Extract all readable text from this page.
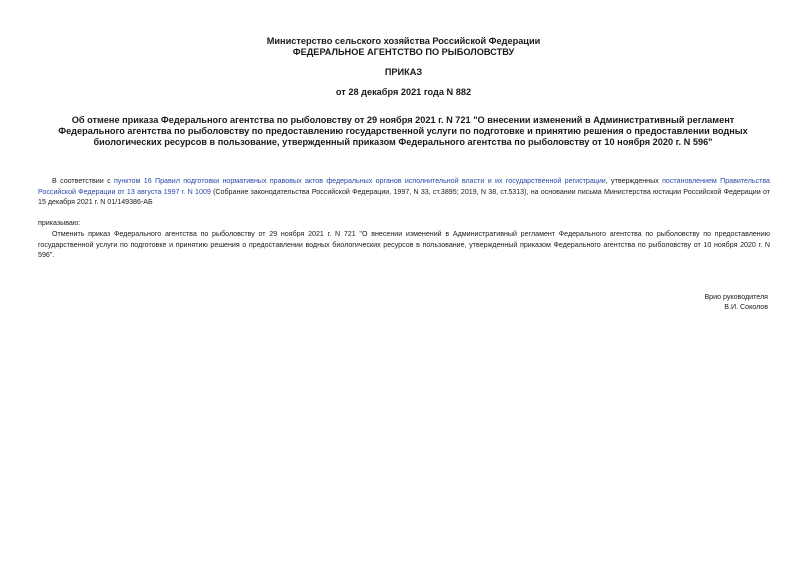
Министерство сельского хозяйства Российской Федерации
ФЕДЕРАЛЬНОЕ АГЕНТСТВО ПО РЫБОЛОВСТВУ
ПРИКАЗ
от 28 декабря 2021 года N 882
Об отмене приказа Федерального агентства по рыболовству от 29 ноября 2021 г. N 721 "О внесении изменений в Административный регламент Федерального агентства по рыболовству по предоставлению государственной услуги по подготовке и принятию решения о предоставлении водных биологических ресурсов в пользование, утвержденный приказом Федерального агентства по рыболовству от 10 ноября 2020 г. N 596"
В соответствии с пунктом 16 Правил подготовки нормативных правовых актов федеральных органов исполнительной власти и их государственной регистрации, утвержденных постановлением Правительства Российской Федерации от 13 августа 1997 г. N 1009 (Собрание законодательства Российской Федерации, 1997, N 33, ст.3895; 2019, N 38, ст.5313), на основании письма Министерства юстиции Российской Федерации от 15 декабря 2021 г. N 01/149386-АБ
приказываю:
Отменить приказ Федерального агентства по рыболовству от 29 ноября 2021 г. N 721 "О внесении изменений в Административный регламент Федерального агентства по рыболовству по предоставлению государственной услуги по подготовке и принятию решения о предоставлении водных биологических ресурсов в пользование, утвержденный приказом Федерального агентства по рыболовству от 10 ноября 2020 г. N 596".
Врио руководителя
В.И. Соколов
